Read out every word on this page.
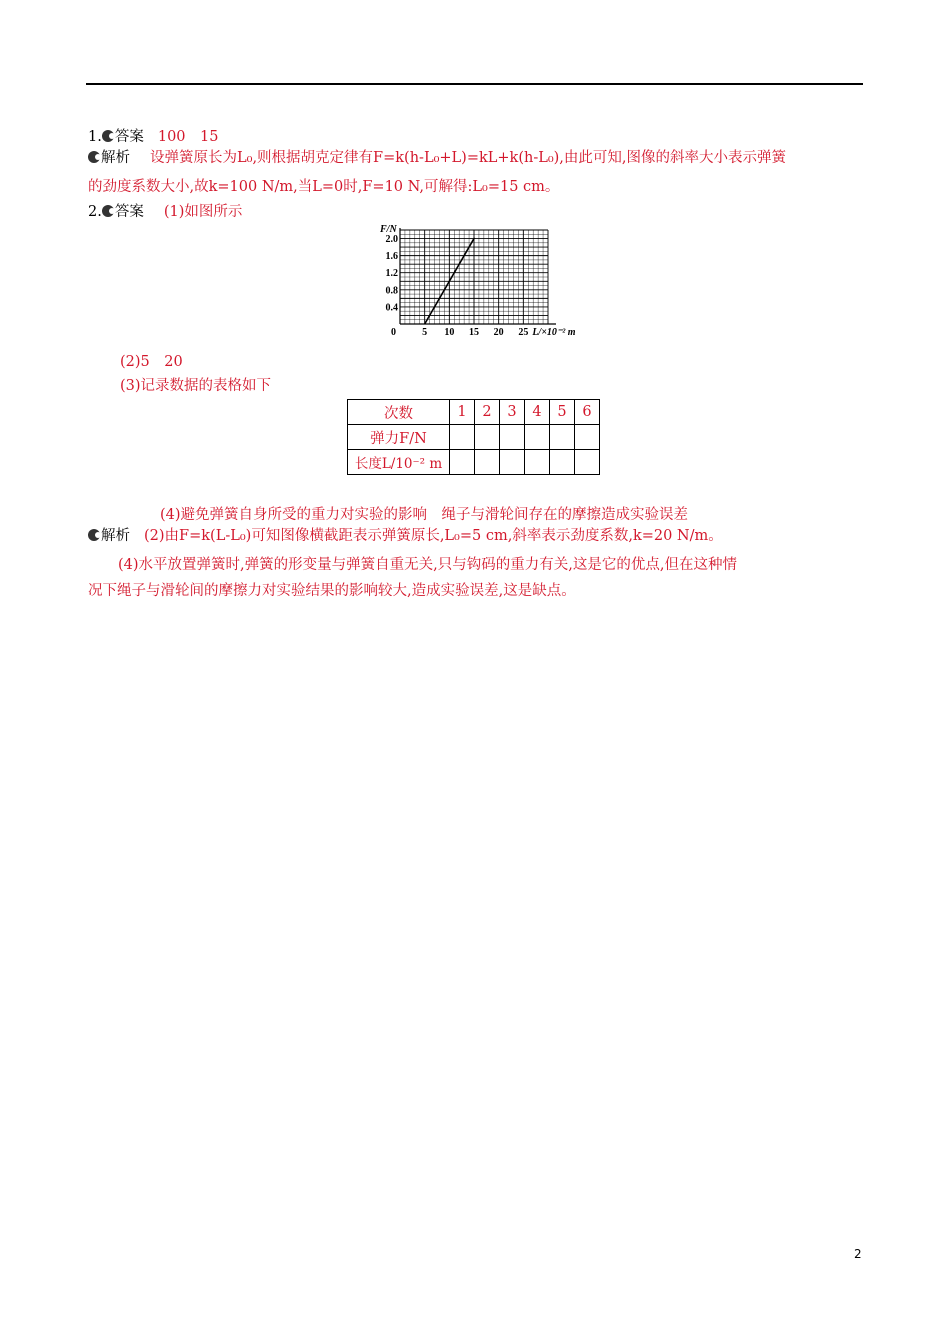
1. 答案 100　15
解析 设弹簧原长为L₀,则根据胡克定律有F=k(h-L₀+L)=kL+k(h-L₀),由此可知,图像的斜率大小表示弹簧
的劲度系数大小,故k=100 N/m,当L=0时,F=10 N,可解得:L₀=15 cm。
2. 答案 (1)如图所示
2.0
1.6
1.2
0.8
0.4
5 10 15 20 25
0
F/N
L/×10⁻² m
(2)5　20
(3)记录数据的表格如下
次数	1	2	3	4	5	6
弹力F/N						
长度L/10⁻² m						
(4)避免弹簧自身所受的重力对实验的影响　绳子与滑轮间存在的摩擦造成实验误差
解析 (2)由F=k(L-L₀)可知图像横截距表示弹簧原长,L₀=5 cm,斜率表示劲度系数,k=20 N/m。
(4)水平放置弹簧时,弹簧的形变量与弹簧自重无关,只与钩码的重力有关,这是它的优点,但在这种情
况下绳子与滑轮间的摩擦力对实验结果的影响较大,造成实验误差,这是缺点。
2
